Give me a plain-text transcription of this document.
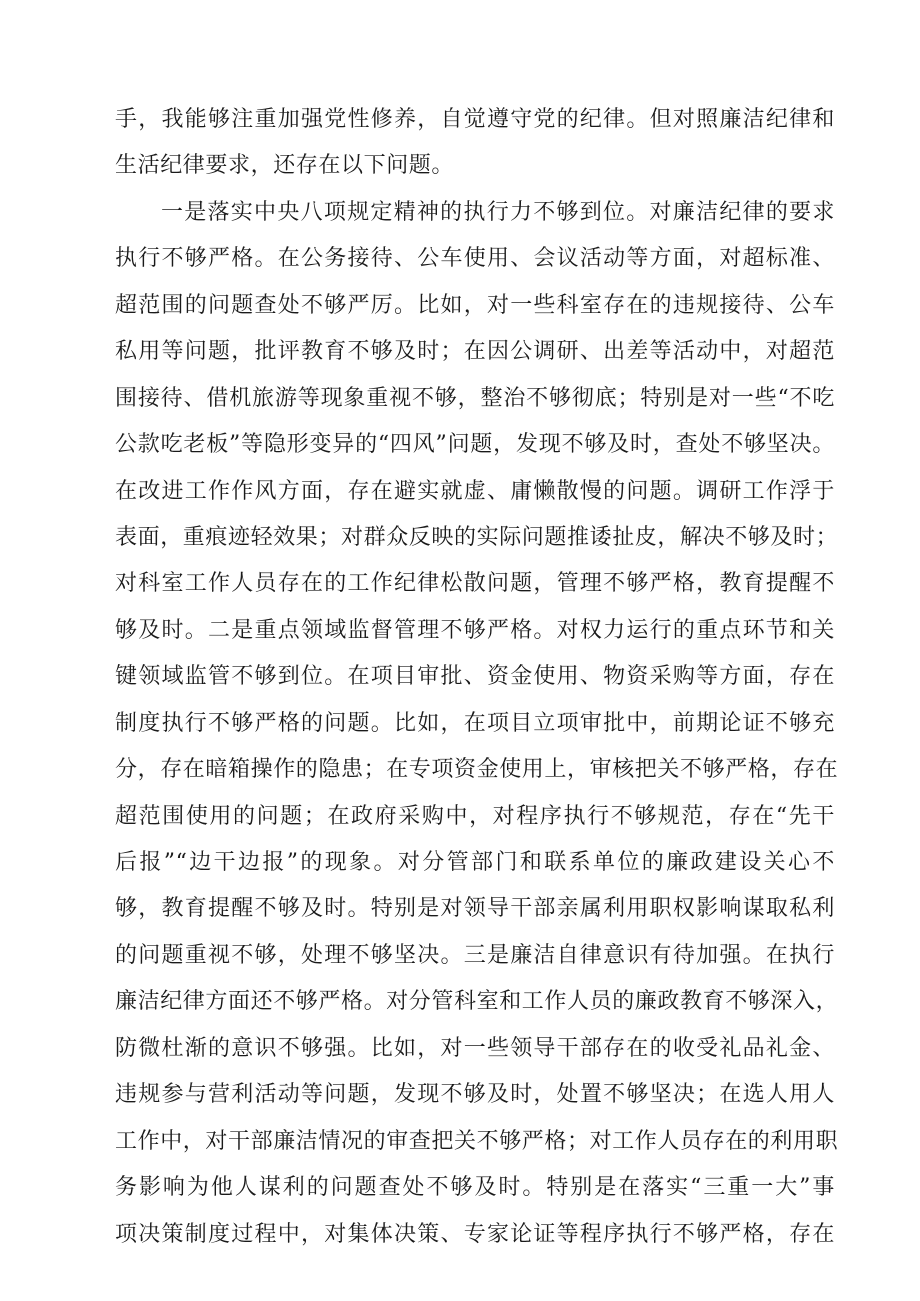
手，我能够注重加强党性修养，自觉遵守党的纪律。但对照廉洁纪律和
生活纪律要求，还存在以下问题。
一是落实中央八项规定精神的执行力不够到位。对廉洁纪律的要求
执行不够严格。在公务接待、公车使用、会议活动等方面，对超标准、
超范围的问题查处不够严厉。比如，对一些科室存在的违规接待、公车
私用等问题，批评教育不够及时；在因公调研、出差等活动中，对超范
围接待、借机旅游等现象重视不够，整治不够彻底；特别是对一些“不吃
公款吃老板”等隐形变异的“四风”问题，发现不够及时，查处不够坚决。
在改进工作作风方面，存在避实就虚、庸懒散慢的问题。调研工作浮于
表面，重痕迹轻效果；对群众反映的实际问题推诿扯皮，解决不够及时；
对科室工作人员存在的工作纪律松散问题，管理不够严格，教育提醒不
够及时。二是重点领域监督管理不够严格。对权力运行的重点环节和关
键领域监管不够到位。在项目审批、资金使用、物资采购等方面，存在
制度执行不够严格的问题。比如，在项目立项审批中，前期论证不够充
分，存在暗箱操作的隐患；在专项资金使用上，审核把关不够严格，存在
超范围使用的问题；在政府采购中，对程序执行不够规范，存在“先干
后报”“边干边报”的现象。对分管部门和联系单位的廉政建设关心不
够，教育提醒不够及时。特别是对领导干部亲属利用职权影响谋取私利
的问题重视不够，处理不够坚决。三是廉洁自律意识有待加强。在执行
廉洁纪律方面还不够严格。对分管科室和工作人员的廉政教育不够深入，
防微杜渐的意识不够强。比如，对一些领导干部存在的收受礼品礼金、
违规参与营利活动等问题，发现不够及时，处置不够坚决；在选人用人
工作中，对干部廉洁情况的审查把关不够严格；对工作人员存在的利用职
务影响为他人谋利的问题查处不够及时。特别是在落实“三重一大”事
项决策制度过程中，对集体决策、专家论证等程序执行不够严格，存在
